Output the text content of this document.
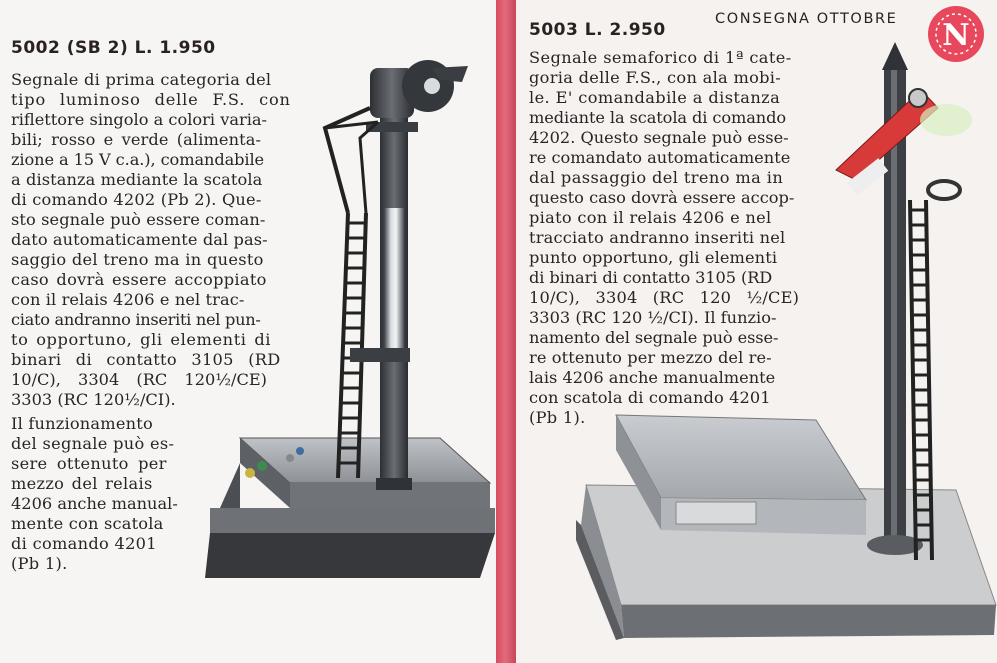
5002 (SB 2) L. 1.950

Segnale di prima categoria del

tipo luminoso delle F.S. con

riflettore singolo a colori varia-

bili; rosso e verde (alimenta-

zione a 15 V c.a.), comandabile

a distanza mediante la scatola

di comando 4202 (Pb 2). Que-

sto segnale può essere coman-

dato automaticamente dal pas-

saggio del treno ma in questo

caso dovrà essere accoppiato

con il relais 4206 e nel trac-

ciato andranno inseriti nel pun-

to opportuno, gli elementi di

binari di contatto 3105 (RD

10/C), 3304 (RC 120½/CE)

3303 (RC 120½/CI).

Il funzionamento

del segnale può es-

sere ottenuto per

mezzo del relais

4206 anche manual-

mente con scatola

di comando 4201

(Pb 1).

5003 L. 2.950

CONSEGNA OTTOBRE N

Segnale semaforico di 1ª cate-

goria delle F.S., con ala mobi-

le. E' comandabile a distanza

mediante la scatola di comando

4202. Questo segnale può esse-

re comandato automaticamente

dal passaggio del treno ma in

questo caso dovrà essere accop-

piato con il relais 4206 e nel

tracciato andranno inseriti nel

punto opportuno, gli elementi

di binari di contatto 3105 (RD

10/C), 3304 (RC 120 ½/CE)

3303 (RC 120 ½/CI). Il funzio-

namento del segnale può esse-

re ottenuto per mezzo del re-

lais 4206 anche manualmente

con scatola di comando 4201

(Pb 1).
